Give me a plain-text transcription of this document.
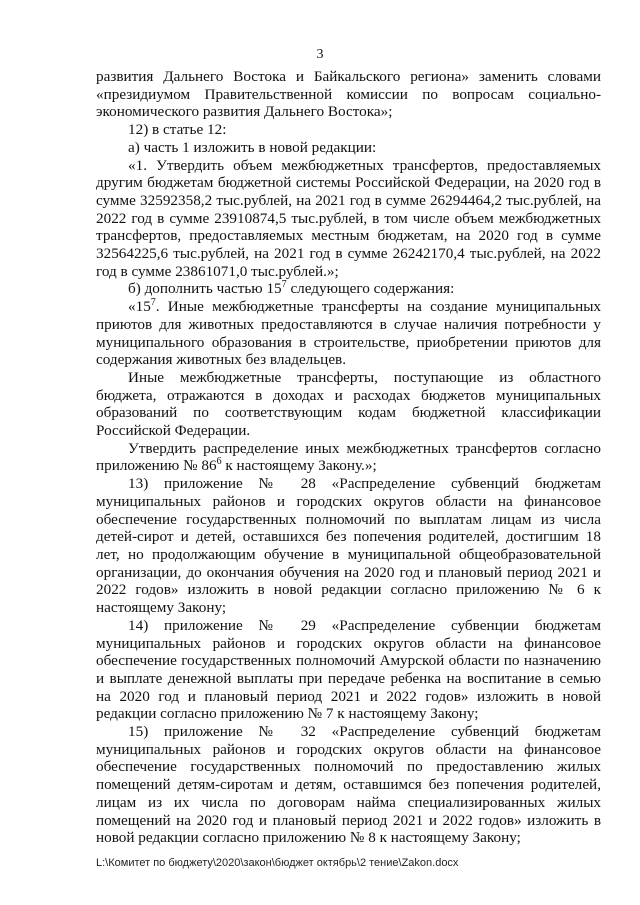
3

развития Дальнего Востока и Байкальского региона» заменить словами «президиумом Правительственной комиссии по вопросам социально-экономического развития Дальнего Востока»;

12) в статье 12:

а) часть 1 изложить в новой редакции:

«1. Утвердить объем межбюджетных трансфертов, предоставляемых другим бюджетам бюджетной системы Российской Федерации, на 2020 год в сумме 32592358,2 тыс.рублей, на 2021 год в сумме 26294464,2 тыс.рублей, на 2022 год в сумме 23910874,5 тыс.рублей, в том числе объем межбюджетных трансфертов, предоставляемых местным бюджетам, на 2020 год в сумме 32564225,6 тыс.рублей, на 2021 год в сумме 26242170,4 тыс.рублей, на 2022 год в сумме 23861071,0 тыс.рублей.»;

б) дополнить частью $15^7$ следующего содержания:

«$15^7$. Иные межбюджетные трансферты на создание муниципальных приютов для животных предоставляются в случае наличия потребности у муниципального образования в строительстве, приобретении приютов для содержания животных без владельцев.

Иные межбюджетные трансферты, поступающие из областного бюджета, отражаются в доходах и расходах бюджетов муниципальных образований по соответствующим кодам бюджетной классификации Российской Федерации.

Утвердить распределение иных межбюджетных трансфертов согласно приложению № $86^6$ к настоящему Закону.»;

13) приложение № 28 «Распределение субвенций бюджетам муниципальных районов и городских округов области на финансовое обеспечение государственных полномочий по выплатам лицам из числа детей-сирот и детей, оставшихся без попечения родителей, достигшим 18 лет, но продолжающим обучение в муниципальной общеобразовательной организации, до окончания обучения на 2020 год и плановый период 2021 и 2022 годов» изложить в новой редакции согласно приложению № 6 к настоящему Закону;

14) приложение № 29 «Распределение субвенции бюджетам муниципальных районов и городских округов области на финансовое обеспечение государственных полномочий Амурской области по назначению и выплате денежной выплаты при передаче ребенка на воспитание в семью на 2020 год и плановый период 2021 и 2022 годов» изложить в новой редакции согласно приложению № 7 к настоящему Закону;

15) приложение № 32 «Распределение субвенций бюджетам муниципальных районов и городских округов области на финансовое обеспечение государственных полномочий по предоставлению жилых помещений детям-сиротам и детям, оставшимся без попечения родителей, лицам из их числа по договорам найма специализированных жилых помещений на 2020 год и плановый период 2021 и 2022 годов» изложить в новой редакции согласно приложению № 8 к настоящему Закону;

L:\Комитет по бюджету\2020\закон\бюджет октябрь\2 тение\Zakon.docx
